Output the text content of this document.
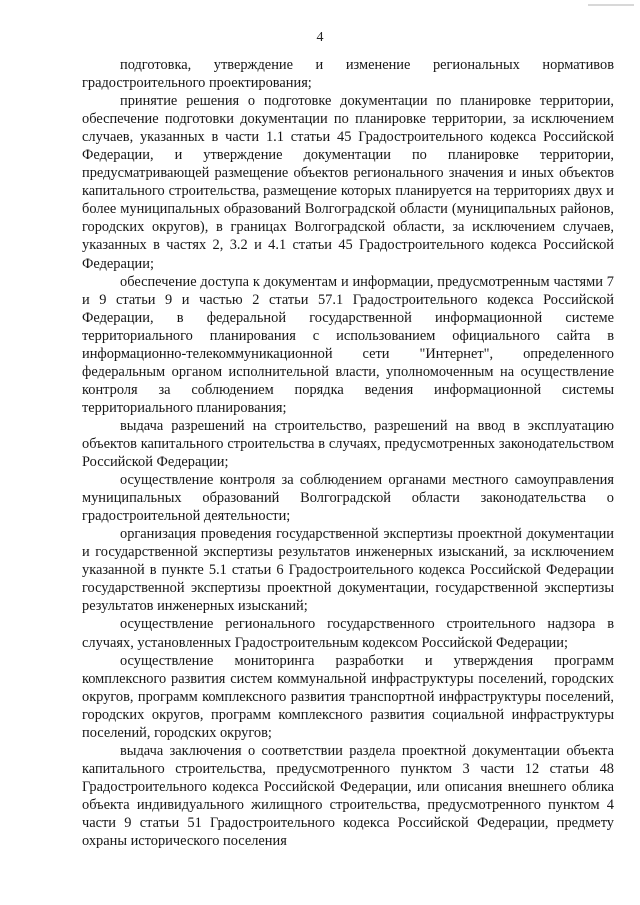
4

подготовка, утверждение и изменение региональных нормативов градостроительного проектирования;

принятие решения о подготовке документации по планировке территории, обеспечение подготовки документации по планировке территории, за исключением случаев, указанных в части 1.1 статьи 45 Градостроительного кодекса Российской Федерации, и утверждение документации по планировке территории, предусматривающей размещение объектов регионального значения и иных объектов капитального строительства, размещение которых планируется на территориях двух и более муниципальных образований Волгоградской области (муниципальных районов, городских округов), в границах Волгоградской области, за исключением случаев, указанных в частях 2, 3.2 и 4.1 статьи 45 Градостроительного кодекса Российской Федерации;

обеспечение доступа к документам и информации, предусмотренным частями 7 и 9 статьи 9 и частью 2 статьи 57.1 Градостроительного кодекса Российской Федерации, в федеральной государственной информационной системе территориального планирования с использованием официального сайта в информационно-телекоммуникационной сети "Интернет", определенного федеральным органом исполнительной власти, уполномоченным на осуществление контроля за соблюдением порядка ведения информационной системы территориального планирования;

выдача разрешений на строительство, разрешений на ввод в эксплуатацию объектов капитального строительства в случаях, предусмотренных законодательством Российской Федерации;

осуществление контроля за соблюдением органами местного самоуправления муниципальных образований Волгоградской области законодательства о градостроительной деятельности;

организация проведения государственной экспертизы проектной документации и государственной экспертизы результатов инженерных изысканий, за исключением указанной в пункте 5.1 статьи 6 Градостроительного кодекса Российской Федерации государственной экспертизы проектной документации, государственной экспертизы результатов инженерных изысканий;

осуществление регионального государственного строительного надзора в случаях, установленных Градостроительным кодексом Российской Федерации;

осуществление мониторинга разработки и утверждения программ комплексного развития систем коммунальной инфраструктуры поселений, городских округов, программ комплексного развития транспортной инфраструктуры поселений, городских округов, программ комплексного развития социальной инфраструктуры поселений, городских округов;

выдача заключения о соответствии раздела проектной документации объекта капитального строительства, предусмотренного пунктом 3 части 12 статьи 48 Градостроительного кодекса Российской Федерации, или описания внешнего облика объекта индивидуального жилищного строительства, предусмотренного пунктом 4 части 9 статьи 51 Градостроительного кодекса Российской Федерации, предмету охраны исторического поселения
